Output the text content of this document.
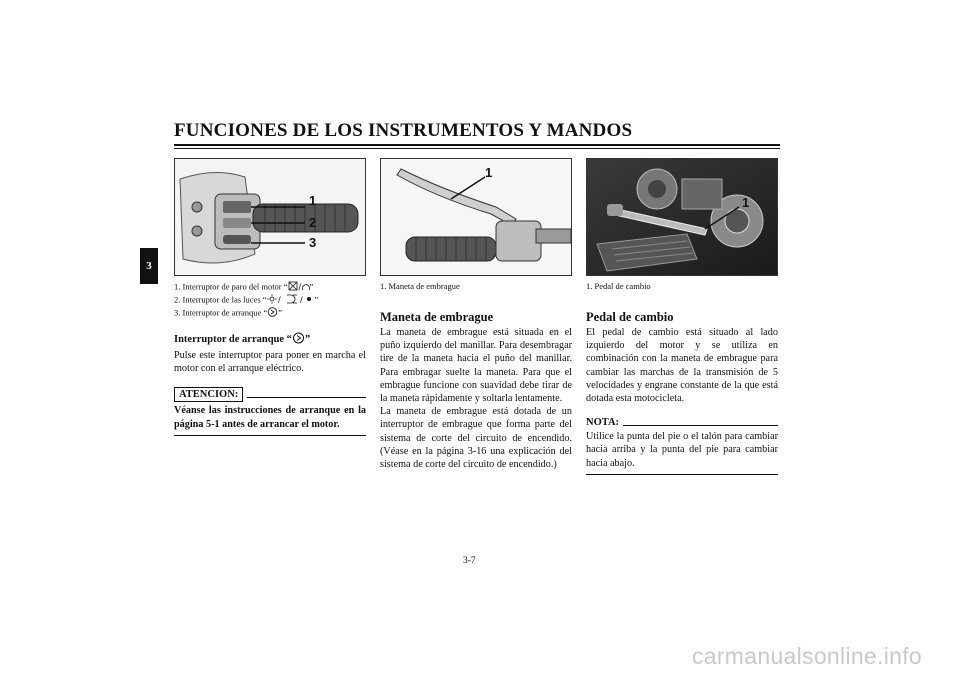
FUNCIONES DE LOS INSTRUMENTOS Y MANDOS
3
1
2
3
1. Interruptor de paro del motor “ / ”
2. Interruptor de las luces “ / / ”
3. Interruptor de arranque “ ”
Interruptor de arranque “ ”

Pulse este interruptor para poner en marcha el motor con el arranque eléctrico.

ATENCION:
Véanse las instrucciones de arranque en la página 5-1 antes de arrancar el motor.
1
1. Maneta de embrague
Maneta de embrague

La maneta de embrague está situada en el puño izquierdo del manillar. Para desembragar tire de la maneta hacia el puño del manillar. Para embragar suelte la maneta. Para que el embrague funcione con suavidad debe tirar de la maneta rápidamente y soltarla lentamente.

La maneta de embrague está dotada de un interruptor de embrague que forma parte del sistema de corte del circuito de encendido. (Véase en la página 3-16 una explicación del sistema de corte del circuito de encendido.)

1
1. Pedal de cambio
Pedal de cambio

El pedal de cambio está situado al lado izquierdo del motor y se utiliza en combinación con la maneta de embrague para cambiar las marchas de la transmisión de 5 velocidades y engrane constante de la que está dotada esta motocicleta.

NOTA:
Utilice la punta del pie o el talón para cambiar hacia arriba y la punta del pie para cambiar hacia abajo.
3-7
carmanualsonline.info
